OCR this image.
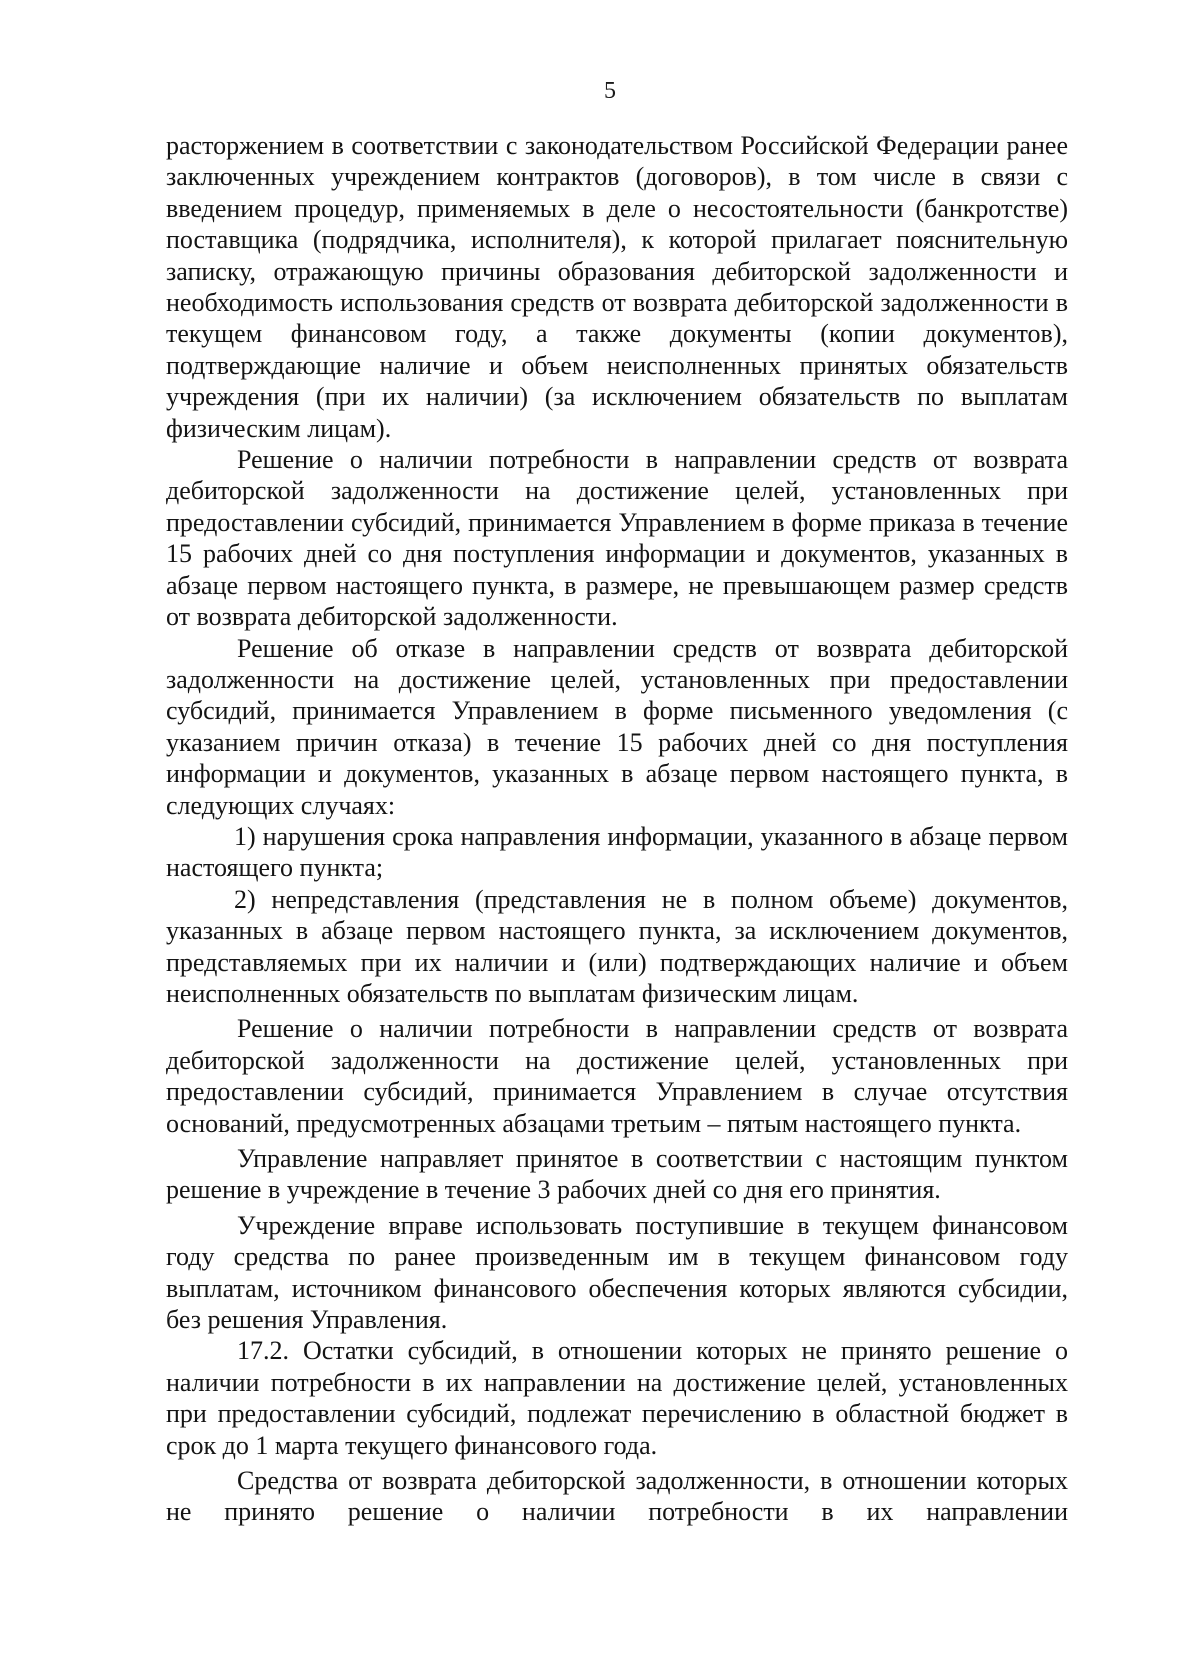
5

расторжением в соответствии с законодательством Российской Федерации ранее заключенных учреждением контрактов (договоров), в том числе в связи с введением процедур, применяемых в деле о несостоятельности (банкротстве) поставщика (подрядчика, исполнителя), к которой прилагает пояснительную записку, отражающую причины образования дебиторской задолженности и необходимость использования средств от возврата дебиторской задолженности в текущем финансовом году, а также документы (копии документов), подтверждающие наличие и объем неисполненных принятых обязательств учреждения (при их наличии) (за исключением обязательств по выплатам физическим лицам).

Решение о наличии потребности в направлении средств от возврата дебиторской задолженности на достижение целей, установленных при предоставлении субсидий, принимается Управлением в форме приказа в течение 15 рабочих дней со дня поступления информации и документов, указанных в абзаце первом настоящего пункта, в размере, не превышающем размер средств от возврата дебиторской задолженности.

Решение об отказе в направлении средств от возврата дебиторской задолженности на достижение целей, установленных при предоставлении субсидий, принимается Управлением в форме письменного уведомления (с указанием причин отказа) в течение 15 рабочих дней со дня поступления информации и документов, указанных в абзаце первом настоящего пункта, в следующих случаях:

1) нарушения срока направления информации, указанного в абзаце первом настоящего пункта;

2) непредставления (представления не в полном объеме) документов, указанных в абзаце первом настоящего пункта, за исключением документов, представляемых при их наличии и (или) подтверждающих наличие и объем неисполненных обязательств по выплатам физическим лицам.

Решение о наличии потребности в направлении средств от возврата дебиторской задолженности на достижение целей, установленных при предоставлении субсидий, принимается Управлением в случае отсутствия оснований, предусмотренных абзацами третьим – пятым настоящего пункта.

Управление направляет принятое в соответствии с настоящим пунктом решение в учреждение в течение 3 рабочих дней со дня его принятия.

Учреждение вправе использовать поступившие в текущем финансовом году средства по ранее произведенным им в текущем финансовом году выплатам, источником финансового обеспечения которых являются субсидии, без решения Управления.

17.2. Остатки субсидий, в отношении которых не принято решение о наличии потребности в их направлении на достижение целей, установленных при предоставлении субсидий, подлежат перечислению в областной бюджет в срок до 1 марта текущего финансового года.

Средства от возврата дебиторской задолженности, в отношении которых не принято решение о наличии потребности в их направлении
